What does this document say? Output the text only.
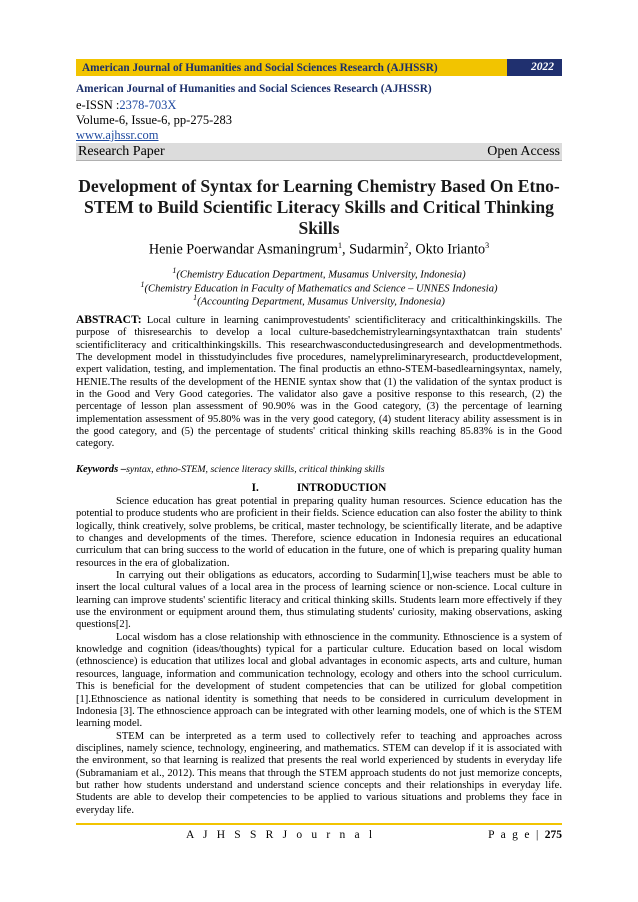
American Journal of Humanities and Social Sciences Research (AJHSSR)	2022
American Journal of Humanities and Social Sciences Research (AJHSSR)
e-ISSN :2378-703X
Volume-6, Issue-6, pp-275-283
www.ajhssr.com
Research Paper	Open Access
Development of Syntax for Learning Chemistry Based On Etno-STEM to Build Scientific Literacy Skills and Critical Thinking Skills
Henie Poerwandar Asmaningrum$^1$, Sudarmin$^2$, Okto Irianto$^3$
$^1$(Chemistry Education Department, Musamus University, Indonesia)
$^1$(Chemistry Education in Faculty of Mathematics and Science – UNNES Indonesia)
$^1$(Accounting Department, Musamus University, Indonesia)
ABSTRACT: Local culture in learning canimprovestudents' scientificliteracy and criticalthinkingskills. The purpose of thisresearchis to develop a local culture-basedchemistrylearningsyntaxthatcan train students' scientificliteracy and criticalthinkingskills. This researchwasconductedusingresearch and developmentmethods. The development model in thisstudyincludes five procedures, namelypreliminaryresearch, productdevelopment, expert validation, testing, and implementation. The final productis an ethno-STEM-basedlearningsyntax, namely, HENIE.The results of the development of the HENIE syntax show that (1) the validation of the syntax product is in the Good and Very Good categories. The validator also gave a positive response to this research, (2) the percentage of lesson plan assessment of 90.90% was in the Good category, (3) the percentage of learning implementation assessment of 95.80% was in the very good category, (4) student literacy ability assessment is in the good category, and (5) the percentage of students' critical thinking skills reaching 85.83% is in the Good category.
Keywords –syntax, ethno-STEM, science literacy skills, critical thinking skills
I.	INTRODUCTION

Science education has great potential in preparing quality human resources. Science education has the potential to produce students who are proficient in their fields. Science education can also foster the ability to think logically, think creatively, solve problems, be critical, master technology, be scientifically literate, and be adaptive to changes and developments of the times. Therefore, science education in Indonesia requires an educational curriculum that can bring success to the world of education in the future, one of which is preparing quality human resources in the era of globalization.

In carrying out their obligations as educators, according to Sudarmin[1],wise teachers must be able to insert the local cultural values of a local area in the process of learning science or non-science. Local culture in learning can improve students' scientific literacy and critical thinking skills. Students learn more effectively if they use the environment or equipment around them, thus stimulating students' curiosity, making observations, asking questions[2].

Local wisdom has a close relationship with ethnoscience in the community. Ethnoscience is a system of knowledge and cognition (ideas/thoughts) typical for a particular culture. Education based on local wisdom (ethnoscience) is education that utilizes local and global advantages in economic aspects, arts and culture, human resources, language, information and communication technology, ecology and others into the school curriculum. This is beneficial for the development of student competencies that can be utilized for global competition [1].Ethnoscience as national identity is something that needs to be considered in curriculum development in Indonesia [3]. The ethnoscience approach can be integrated with other learning models, one of which is the STEM learning model.

STEM can be interpreted as a term used to collectively refer to teaching and approaches across disciplines, namely science, technology, engineering, and mathematics. STEM can develop if it is associated with the environment, so that learning is realized that presents the real world experienced by students in everyday life (Subramaniam et al., 2012). This means that through the STEM approach students do not just memorize concepts, but rather how students understand and understand science concepts and their relationships in everyday life. Students are able to develop their competencies to be applied to various situations and problems they face in everyday life.

A J H S S R J o u r n a l	P a g e | 275
